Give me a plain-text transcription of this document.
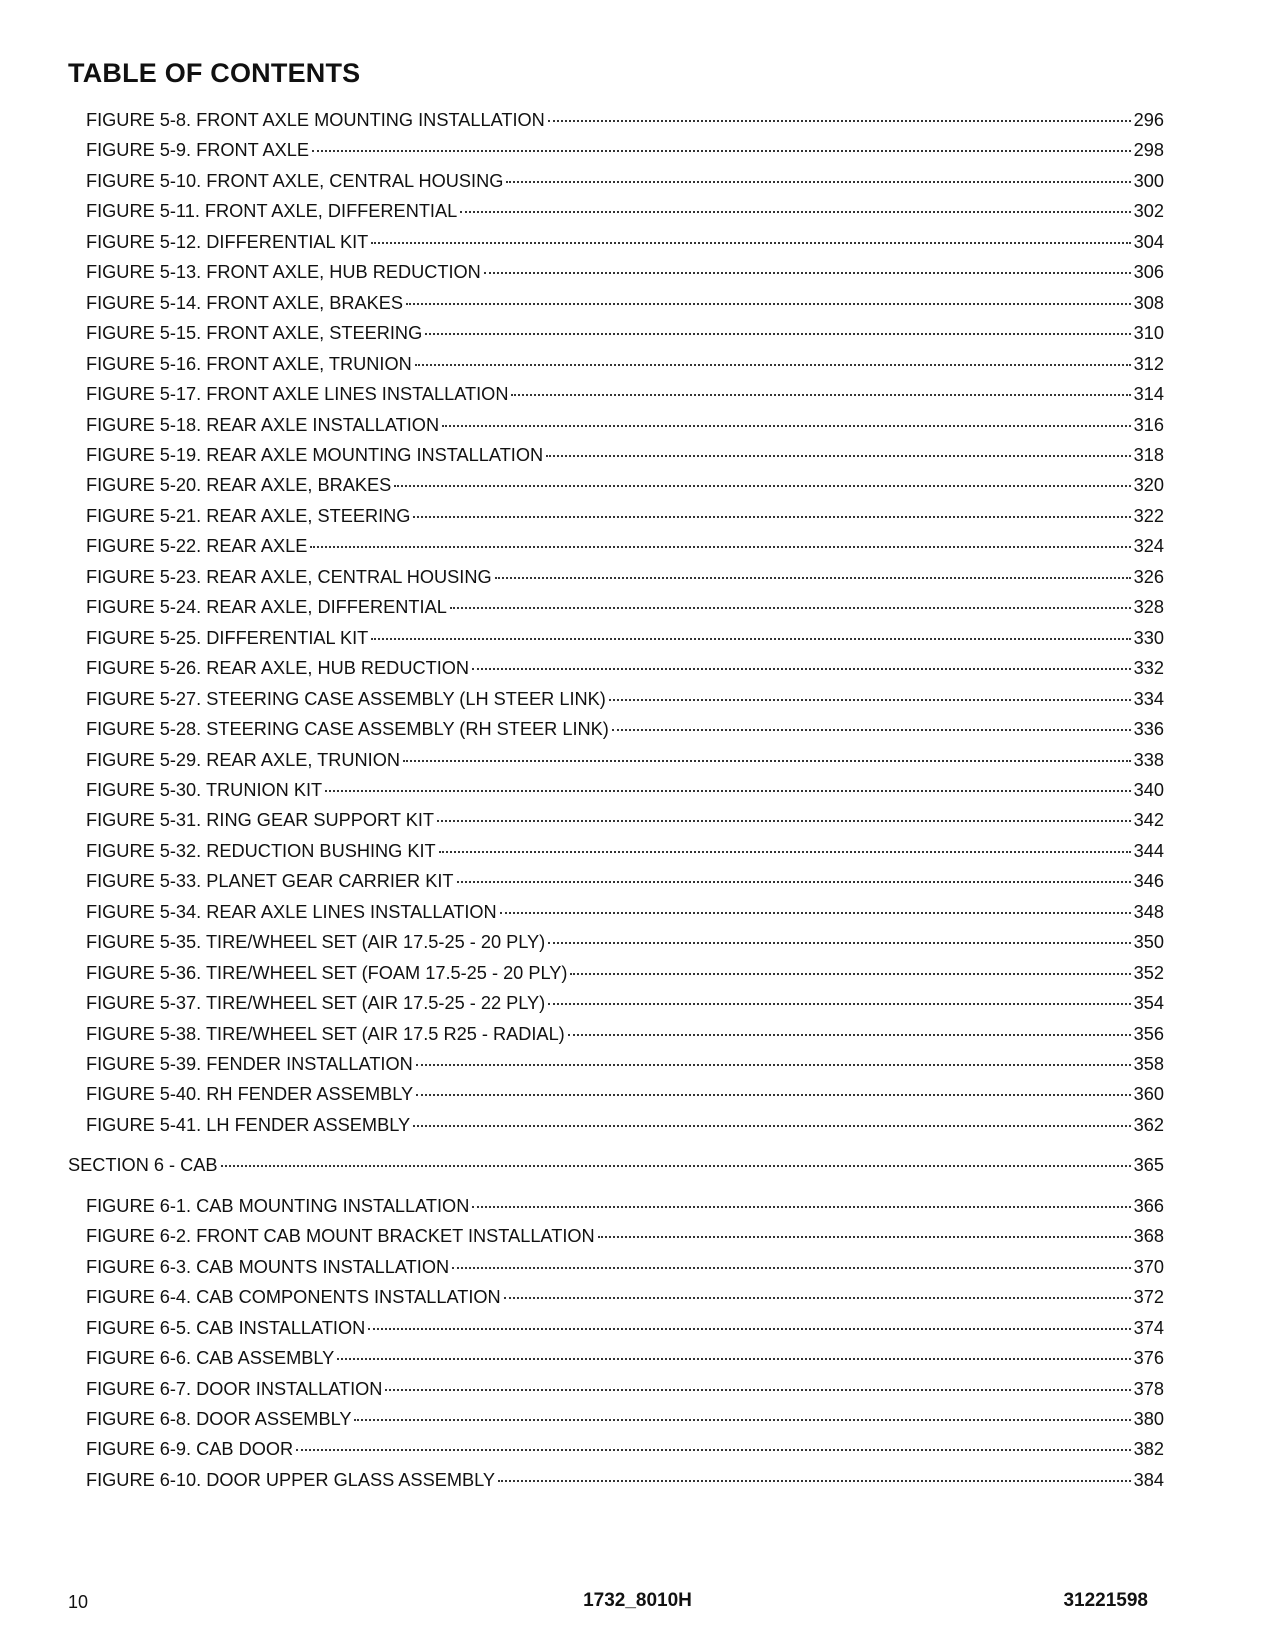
TABLE OF CONTENTS
FIGURE 5-8. FRONT AXLE MOUNTING INSTALLATION	296
FIGURE 5-9. FRONT AXLE	298
FIGURE 5-10. FRONT AXLE, CENTRAL HOUSING	300
FIGURE 5-11. FRONT AXLE, DIFFERENTIAL	302
FIGURE 5-12. DIFFERENTIAL KIT	304
FIGURE 5-13. FRONT AXLE, HUB REDUCTION	306
FIGURE 5-14. FRONT AXLE, BRAKES	308
FIGURE 5-15. FRONT AXLE, STEERING	310
FIGURE 5-16. FRONT AXLE, TRUNION	312
FIGURE 5-17. FRONT AXLE LINES INSTALLATION	314
FIGURE 5-18. REAR AXLE INSTALLATION	316
FIGURE 5-19. REAR AXLE MOUNTING INSTALLATION	318
FIGURE 5-20. REAR AXLE, BRAKES	320
FIGURE 5-21. REAR AXLE, STEERING	322
FIGURE 5-22. REAR AXLE	324
FIGURE 5-23. REAR AXLE, CENTRAL HOUSING	326
FIGURE 5-24. REAR AXLE, DIFFERENTIAL	328
FIGURE 5-25. DIFFERENTIAL KIT	330
FIGURE 5-26. REAR AXLE, HUB REDUCTION	332
FIGURE 5-27. STEERING CASE ASSEMBLY (LH STEER LINK)	334
FIGURE 5-28. STEERING CASE ASSEMBLY (RH STEER LINK)	336
FIGURE 5-29. REAR AXLE, TRUNION	338
FIGURE 5-30. TRUNION KIT	340
FIGURE 5-31. RING GEAR SUPPORT KIT	342
FIGURE 5-32. REDUCTION BUSHING KIT	344
FIGURE 5-33. PLANET GEAR CARRIER KIT	346
FIGURE 5-34. REAR AXLE LINES INSTALLATION	348
FIGURE 5-35. TIRE/WHEEL SET (AIR 17.5-25 - 20 PLY)	350
FIGURE 5-36. TIRE/WHEEL SET (FOAM 17.5-25 - 20 PLY)	352
FIGURE 5-37. TIRE/WHEEL SET (AIR 17.5-25 - 22 PLY)	354
FIGURE 5-38. TIRE/WHEEL SET (AIR 17.5 R25 - RADIAL)	356
FIGURE 5-39. FENDER INSTALLATION	358
FIGURE 5-40. RH FENDER ASSEMBLY	360
FIGURE 5-41. LH FENDER ASSEMBLY	362
SECTION 6 - CAB	365
FIGURE 6-1. CAB MOUNTING INSTALLATION	366
FIGURE 6-2. FRONT CAB MOUNT BRACKET INSTALLATION	368
FIGURE 6-3. CAB MOUNTS INSTALLATION	370
FIGURE 6-4. CAB COMPONENTS INSTALLATION	372
FIGURE 6-5. CAB INSTALLATION	374
FIGURE 6-6. CAB ASSEMBLY	376
FIGURE 6-7. DOOR INSTALLATION	378
FIGURE 6-8. DOOR ASSEMBLY	380
FIGURE 6-9. CAB DOOR	382
FIGURE 6-10. DOOR UPPER GLASS ASSEMBLY	384
10	1732_8010H	31221598
